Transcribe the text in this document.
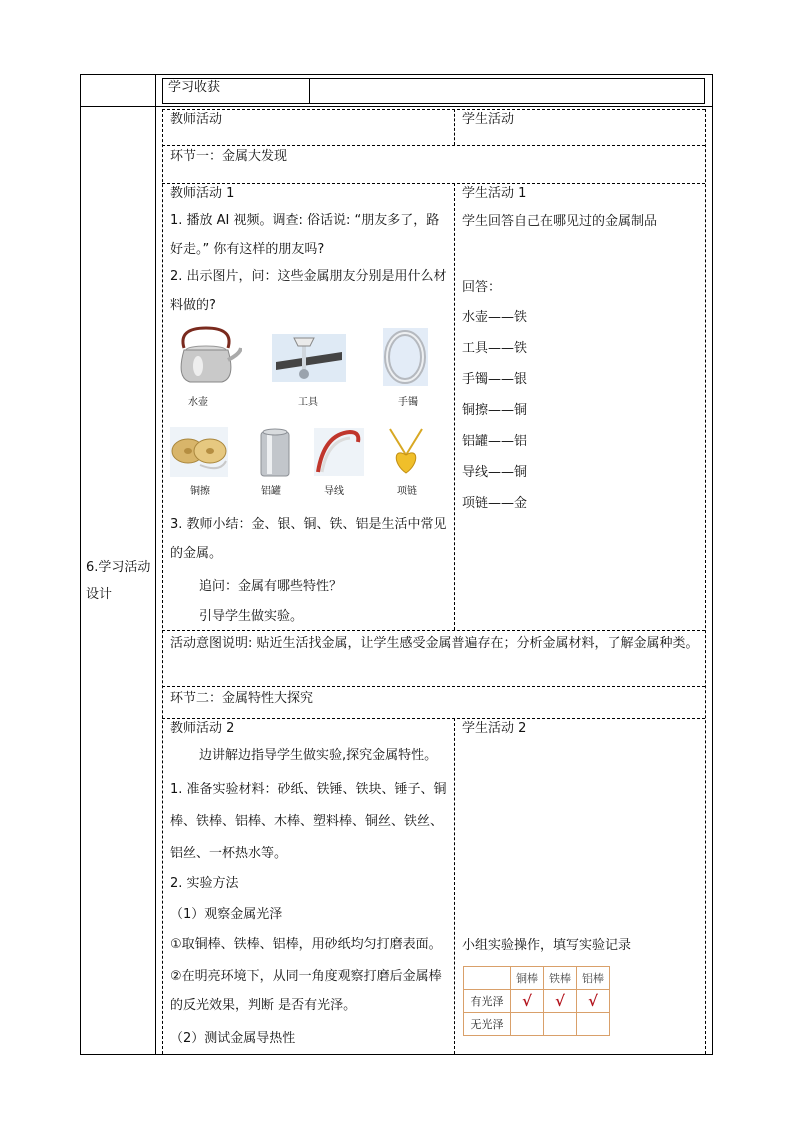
学习收获
6.学习活动设计
教师活动	学生活动
环节一：金属大发现
教师活动 1
1. 播放 AI 视频。调查: 俗话说: “朋友多了，路好走。” 你有这样的朋友吗?
2. 出示图片，问：这些金属朋友分别是用什么材料做的?
水壶	工具	手镯
铜擦	铝罐	导线	项链
3. 教师小结：金、银、铜、铁、铝是生活中常见的金属。
追问：金属有哪些特性？
引导学生做实验。
学生活动 1
学生回答自己在哪见过的金属制品
回答：
水壶——铁
工具——铁
手镯——银
铜擦——铜
铝罐——铝
导线——铜
项链——金
活动意图说明: 贴近生活找金属，让学生感受金属普遍存在；分析金属材料，了解金属种类。
环节二：金属特性大探究
教师活动 2
边讲解边指导学生做实验,探究金属特性。
1. 准备实验材料：砂纸、铁锤、铁块、锤子、铜棒、铁棒、铝棒、木棒、塑料棒、铜丝、铁丝、铝丝、一杯热水等。
2. 实验方法
（1）观察金属光泽
①取铜棒、铁棒、铝棒，用砂纸均匀打磨表面。
②在明亮环境下，从同一角度观察打磨后金属棒的反光效果，判断 是否有光泽。
（2）测试金属导热性
学生活动 2
小组实验操作，填写实验记录
	铜棒	铁棒	铝棒
有光泽	√	√	√
无光泽			
